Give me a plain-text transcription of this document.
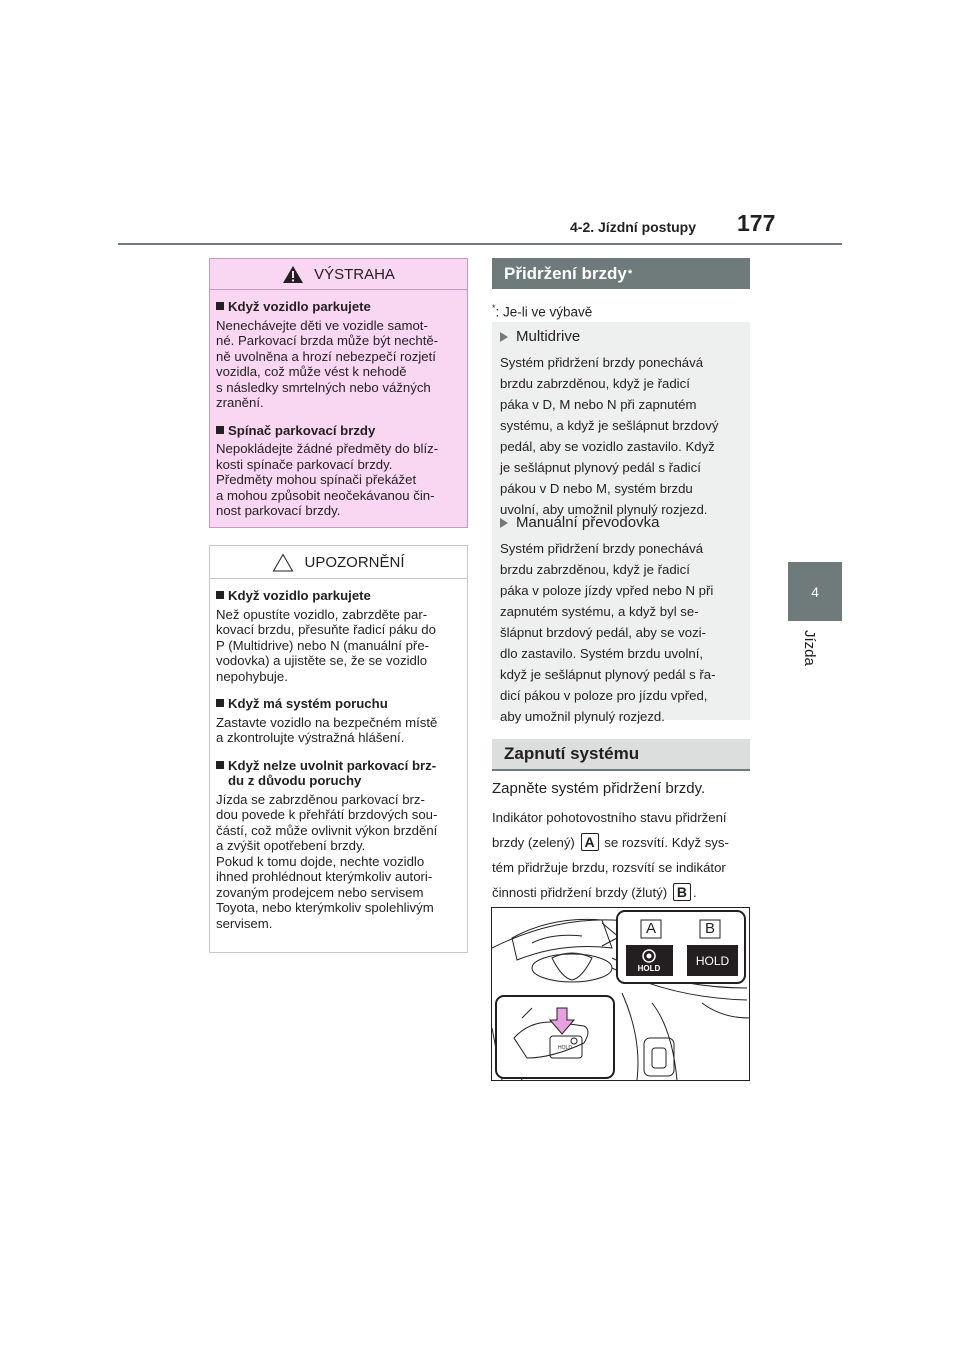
4-2. Jízdní postupy 177
4
Jízda
VÝSTRAHA
Když vozidlo parkujete

Nenechávejte děti ve vozidle samot-
né. Parkovací brzda může být nechtě-
ně uvolněna a hrozí nebezpečí rozjetí
vozidla, což může vést k nehodě
s následky smrtelných nebo vážných
zranění.

Spínač parkovací brzdy

Nepokládejte žádné předměty do blíz-
kosti spínače parkovací brzdy.
Předměty mohou spínači překážet
a mohou způsobit neočekávanou čin-
nost parkovací brzdy.

UPOZORNĚNÍ
Když vozidlo parkujete

Než opustíte vozidlo, zabrzděte par-
kovací brzdu, přesuňte řadicí páku do
P (Multidrive) nebo N (manuální pře-
vodovka) a ujistěte se, že se vozidlo
nepohybuje.

Když má systém poruchu

Zastavte vozidlo na bezpečném místě
a zkontrolujte výstražná hlášení.

Když nelze uvolnit parkovací brz-
du z důvodu poruchy

Jízda se zabrzděnou parkovací brz-
dou povede k přehřátí brzdových sou-
částí, což může ovlivnit výkon brzdění
a zvýšit opotřebení brzdy.
Pokud k tomu dojde, nechte vozidlo
ihned prohlédnout kterýmkoliv autori-
zovaným prodejcem nebo servisem
Toyota, nebo kterýmkoliv spolehlivým
servisem.

Přidržení brzdy *
*: Je-li ve výbavě
Multidrive
Systém přidržení brzdy ponechává
brzdu zabrzděnou, když je řadicí
páka v D, M nebo N při zapnutém
systému, a když je sešlápnut brzdový
pedál, aby se vozidlo zastavilo. Když
je sešlápnut plynový pedál s řadicí
pákou v D nebo M, systém brzdu
uvolní, aby umožnil plynulý rozjezd.
Manuální převodovka
Systém přidržení brzdy ponechává
brzdu zabrzděnou, když je řadicí
páka v poloze jízdy vpřed nebo N při
zapnutém systému, a když byl se-
šlápnut brzdový pedál, aby se vozi-
dlo zastavilo. Systém brzdu uvolní,
když je sešlápnut plynový pedál s řa-
dicí pákou v poloze pro jízdu vpřed,
aby umožnil plynulý rozjezd.
Zapnutí systému
Zapněte systém přidržení brzdy.
Indikátor pohotovostního stavu přidržení
brzdy (zelený) A se rozsvítí. Když sys-
tém přidržuje brzdu, rozsvítí se indikátor
činnosti přidržení brzdy (žlutý) B .
A	B
HOLD
HOLD
HOLD
